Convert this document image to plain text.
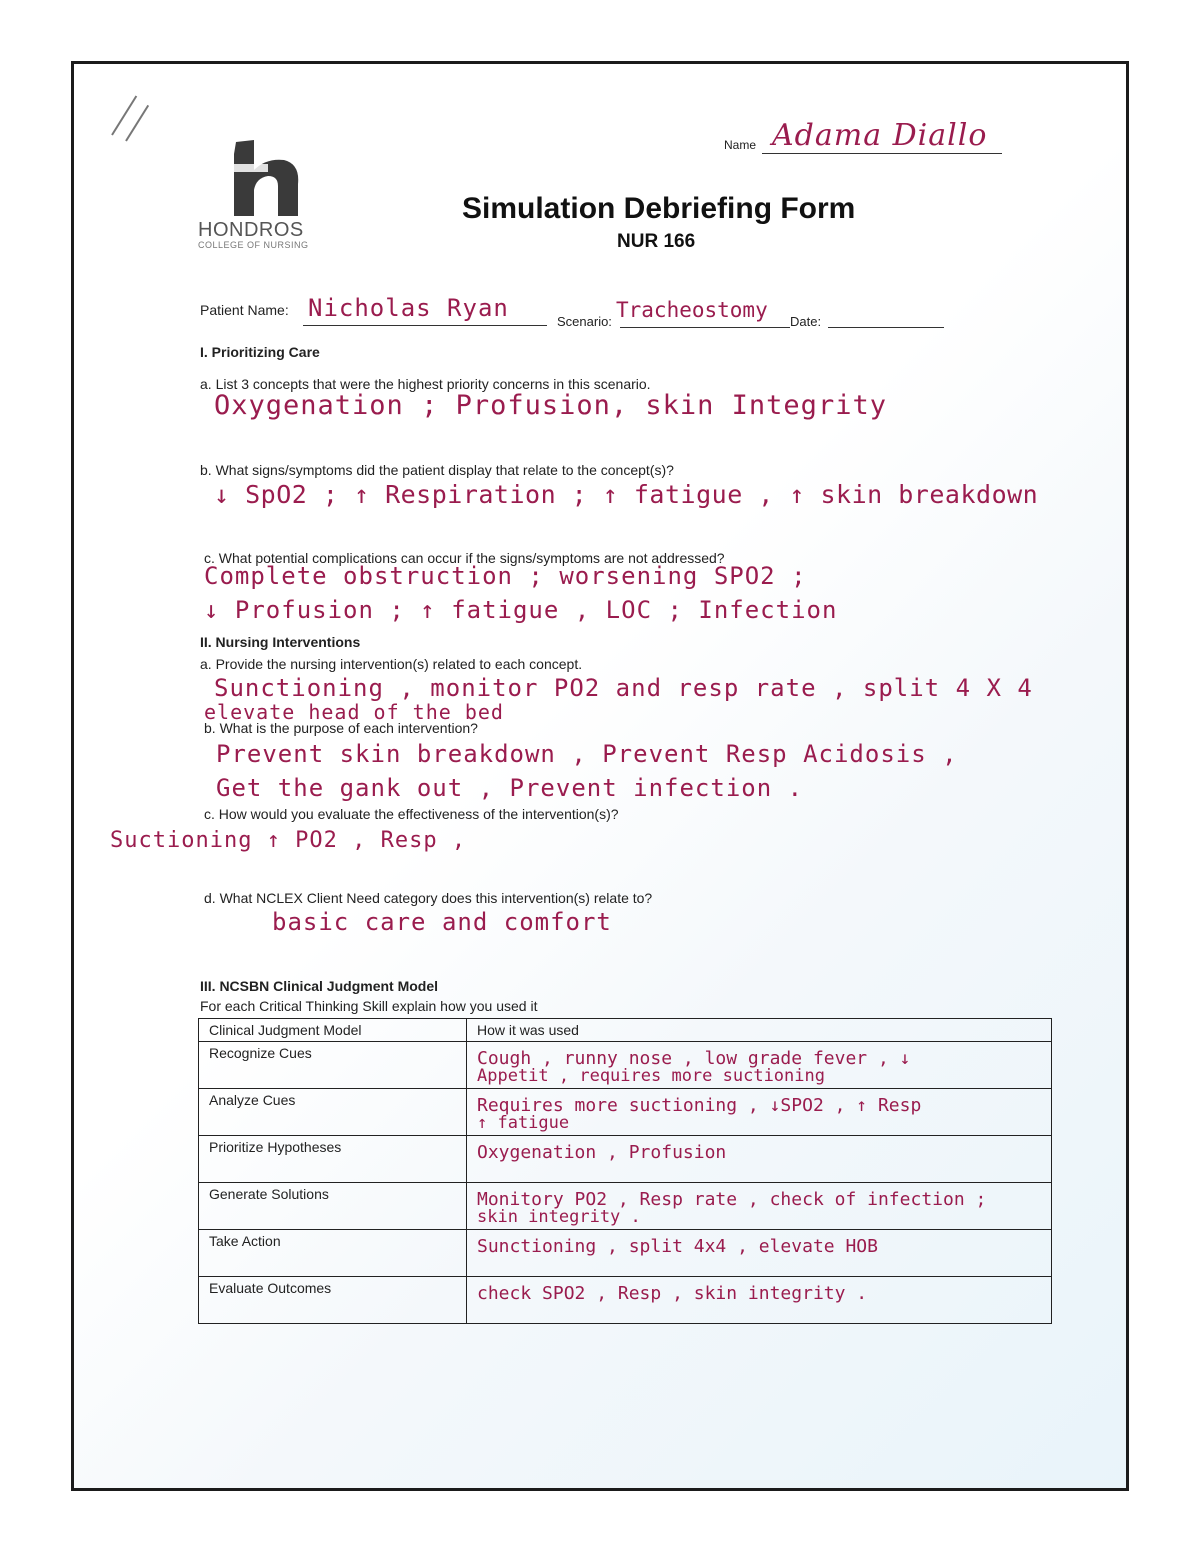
HONDROS
COLLEGE OF NURSING
Name Adama Diallo
Simulation Debriefing Form
NUR 166
Patient Name: Nicholas Ryan	Scenario: Tracheostomy Date:
I. Prioritizing Care
a. List 3 concepts that were the highest priority concerns in this scenario.
Oxygenation ; Profusion, skin Integrity
b. What signs/symptoms did the patient display that relate to the concept(s)?
↓ SpO2 ; ↑ Respiration ; ↑ fatigue , ↑ skin breakdown
c. What potential complications can occur if the signs/symptoms are not addressed?
Complete obstruction ; worsening SPO2 ;
↓ Profusion ; ↑ fatigue , LOC ; Infection
II. Nursing Interventions
a. Provide the nursing intervention(s) related to each concept.
Sunctioning , monitor PO2 and resp rate , split 4 X 4
elevate head of the bed
b. What is the purpose of each intervention?
Prevent skin breakdown , Prevent Resp Acidosis ,
Get the gank out , Prevent infection .
c. How would you evaluate the effectiveness of the intervention(s)?
Suctioning ↑ PO2 , Resp ,
d. What NCLEX Client Need category does this intervention(s) relate to?
basic care and comfort
III. NCSBN Clinical Judgment Model
For each Critical Thinking Skill explain how you used it
Clinical Judgment Model	How it was used
Recognize Cues	Cough , runny nose , low grade fever , ↓
Appetit , requires more suctioning

Analyze Cues	Requires more suctioning , ↓SPO2 , ↑ Resp
↑ fatigue

Prioritize Hypotheses	Oxygenation , Profusion

Generate Solutions	Monitory PO2 , Resp rate , check of infection ;
skin integrity .

Take Action	Sunctioning , split 4x4 , elevate HOB

Evaluate Outcomes	check SPO2 , Resp , skin integrity .
